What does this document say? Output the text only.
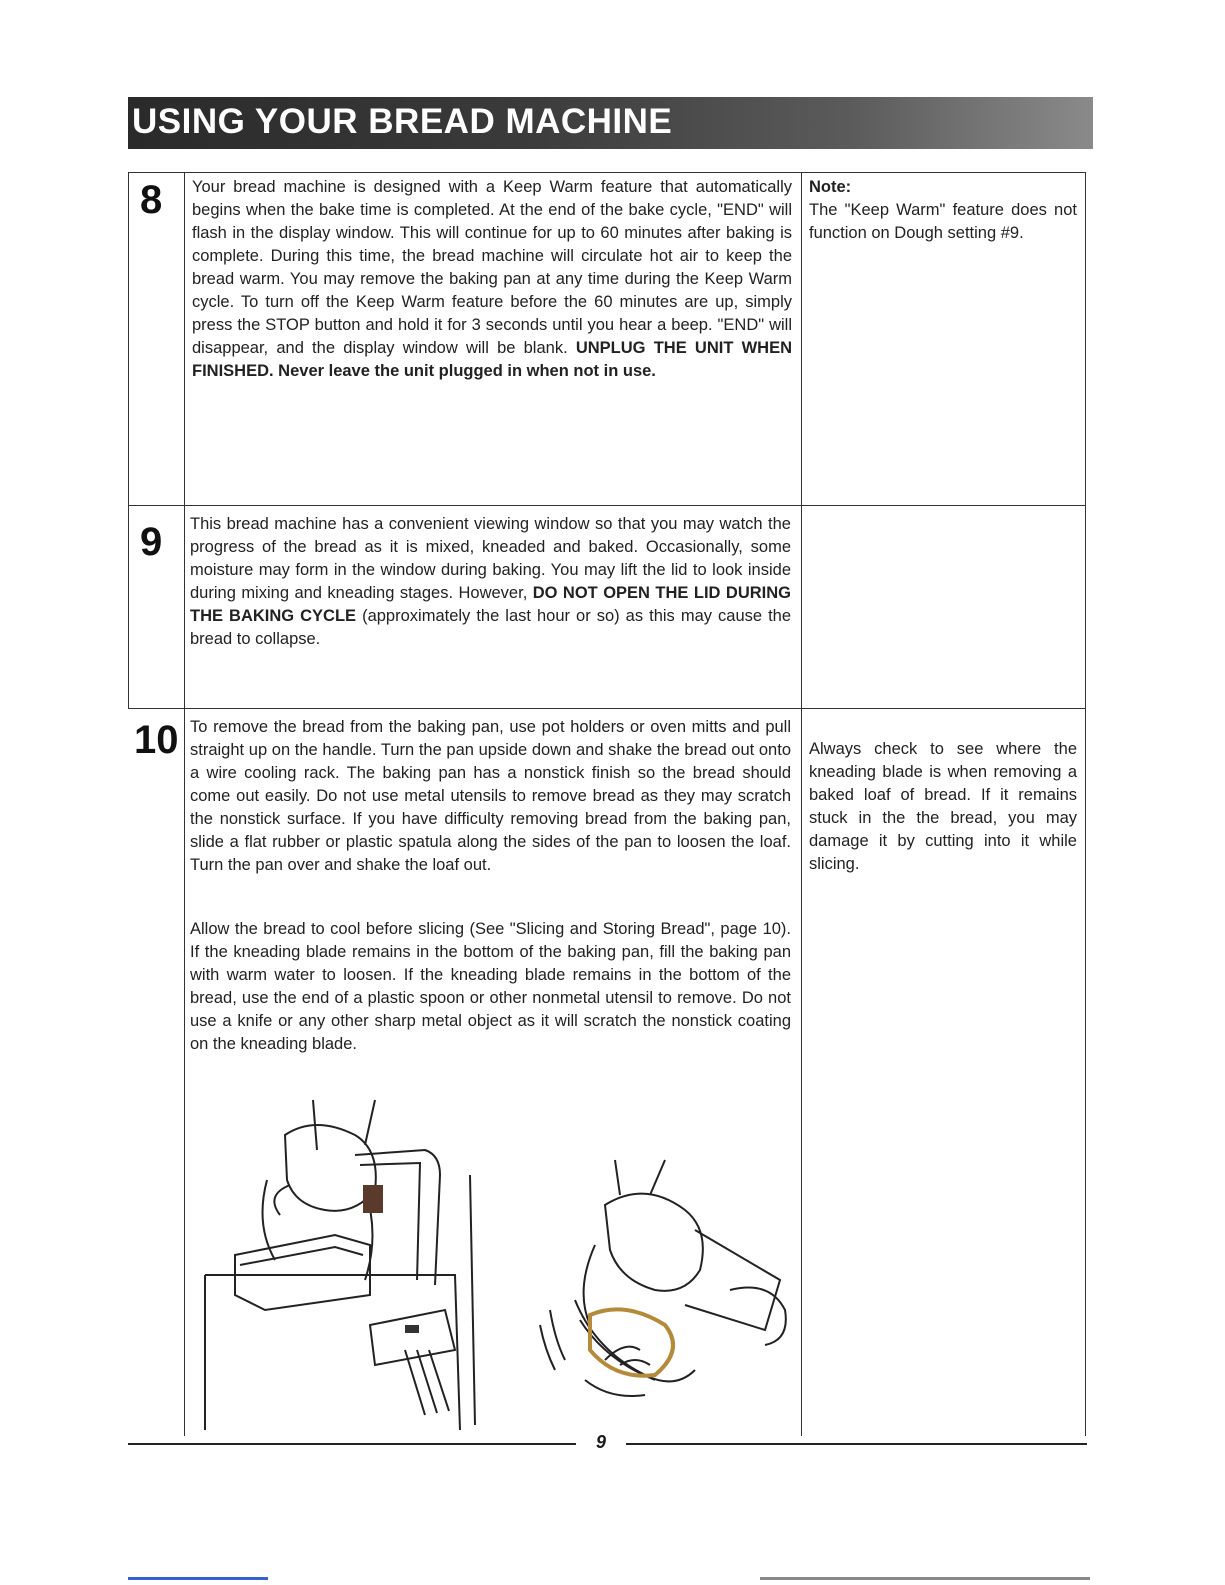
USING YOUR BREAD MACHINE
8 Your bread machine is designed with a Keep Warm feature that automatically begins when the bake time is completed. At the end of the bake cycle, "END" will flash in the display window. This will continue for up to 60 minutes after baking is complete. During this time, the bread machine will circulate hot air to keep the bread warm. You may remove the baking pan at any time during the Keep Warm cycle. To turn off the Keep Warm feature before the 60 minutes are up, simply press the STOP button and hold it for 3 seconds until you hear a beep. "END" will disappear, and the display window will be blank. UNPLUG THE UNIT WHEN FINISHED. Never leave the unit plugged in when not in use.
Note:
The "Keep Warm" feature does not function on Dough setting #9.
9 This bread machine has a convenient viewing window so that you may watch the progress of the bread as it is mixed, kneaded and baked. Occasionally, some moisture may form in the window during baking. You may lift the lid to look inside during mixing and kneading stages. However, DO NOT OPEN THE LID DURING THE BAKING CYCLE (approximately the last hour or so) as this may cause the bread to collapse.
10 To remove the bread from the baking pan, use pot holders or oven mitts and pull straight up on the handle. Turn the pan upside down and shake the bread out onto a wire cooling rack. The baking pan has a nonstick finish so the bread should come out easily. Do not use metal utensils to remove bread as they may scratch the nonstick surface. If you have difficulty removing bread from the baking pan, slide a flat rubber or plastic spatula along the sides of the pan to loosen the loaf. Turn the pan over and shake the loaf out.
Allow the bread to cool before slicing (See "Slicing and Storing Bread", page 10). If the kneading blade remains in the bottom of the baking pan, fill the baking pan with warm water to loosen. If the kneading blade remains in the bottom of the bread, use the end of a plastic spoon or other nonmetal utensil to remove. Do not use a knife or any other sharp metal object as it will scratch the nonstick coating on the kneading blade.
Always check to see where the kneading blade is when removing a baked loaf of bread. If it remains stuck in the the bread, you may damage it by cutting into it while slicing.
9
